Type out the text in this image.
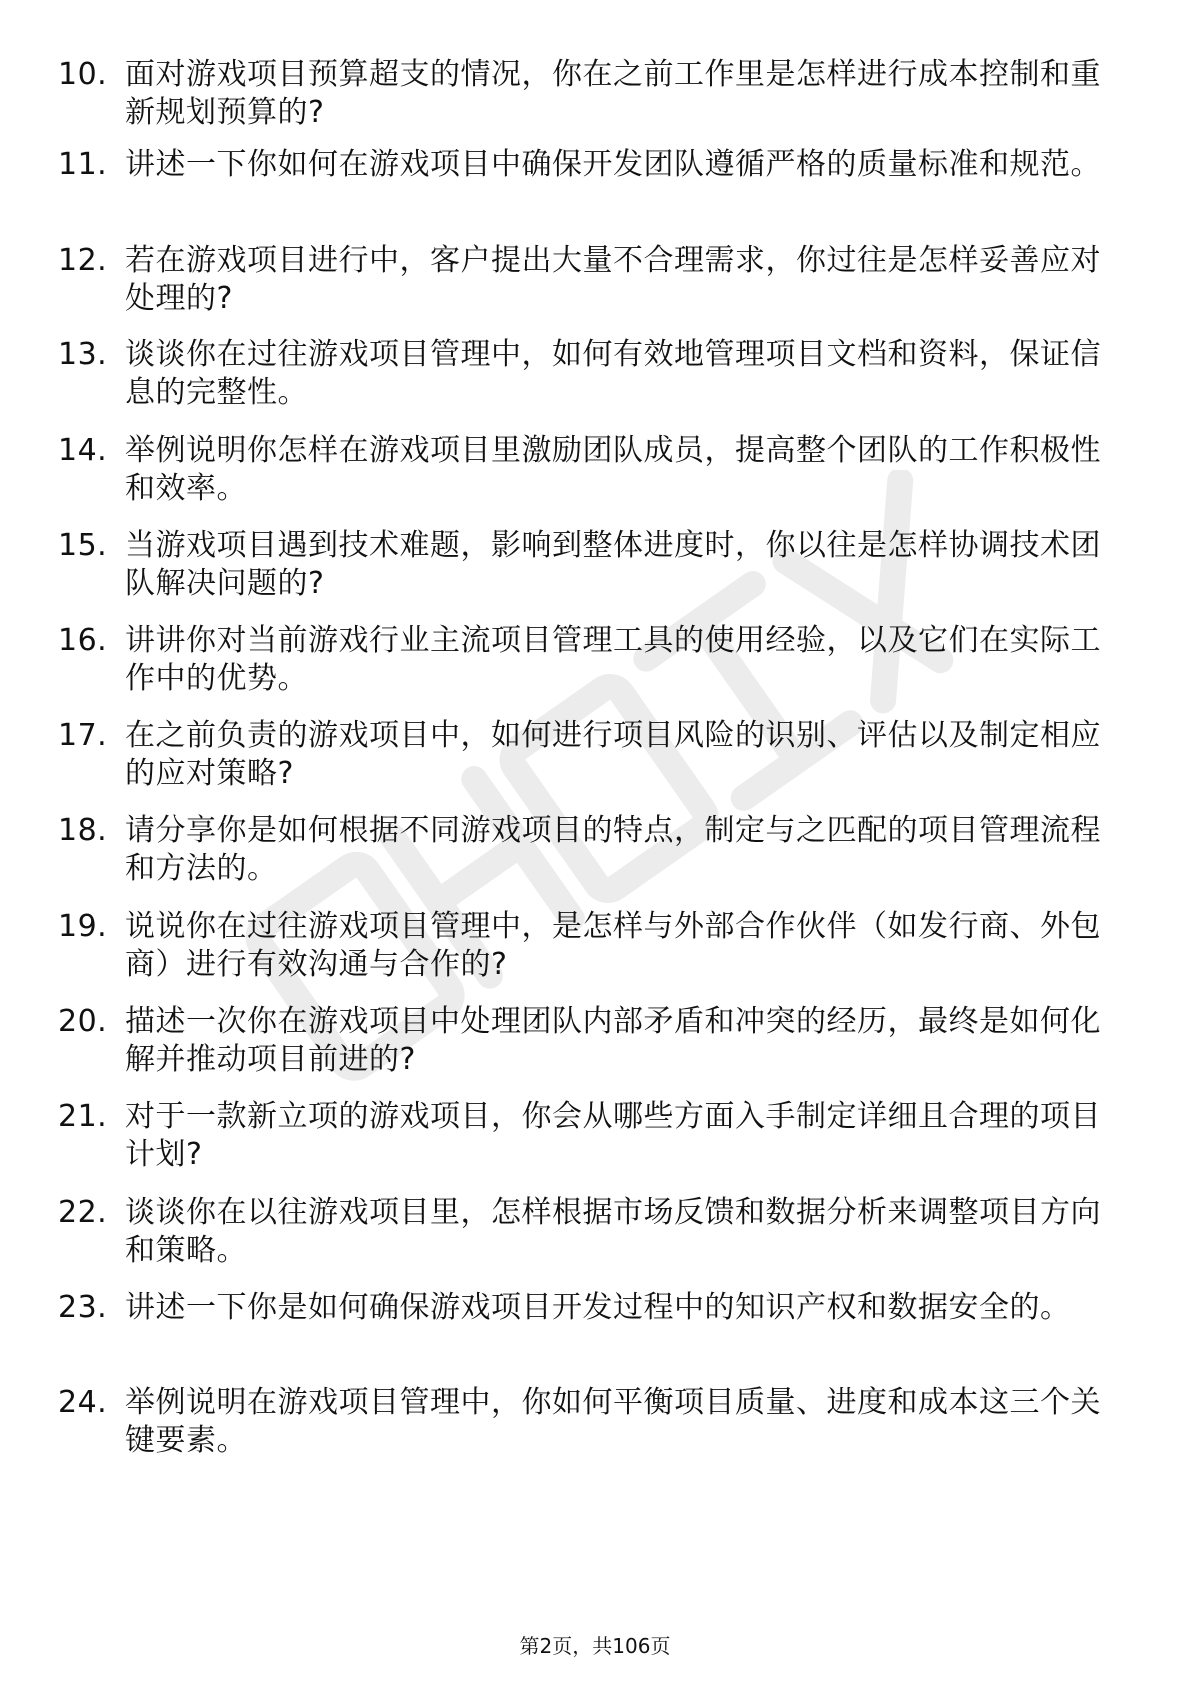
10. 面对游戏项目预算超支的情况，你在之前工作里是怎样进行成本控制和重新规划预算的?
11. 讲述一下你如何在游戏项目中确保开发团队遵循严格的质量标准和规范。
12. 若在游戏项目进行中，客户提出大量不合理需求，你过往是怎样妥善应对处理的?
13. 谈谈你在过往游戏项目管理中，如何有效地管理项目文档和资料，保证信息的完整性。
14. 举例说明你怎样在游戏项目里激励团队成员，提高整个团队的工作积极性和效率。
15. 当游戏项目遇到技术难题，影响到整体进度时，你以往是怎样协调技术团队解决问题的?
16. 讲讲你对当前游戏行业主流项目管理工具的使用经验，以及它们在实际工作中的优势。
17. 在之前负责的游戏项目中，如何进行项目风险的识别、评估以及制定相应的应对策略?
18. 请分享你是如何根据不同游戏项目的特点，制定与之匹配的项目管理流程和方法的。
19. 说说你在过往游戏项目管理中，是怎样与外部合作伙伴（如发行商、外包商）进行有效沟通与合作的?
20. 描述一次你在游戏项目中处理团队内部矛盾和冲突的经历，最终是如何化解并推动项目前进的?
21. 对于一款新立项的游戏项目，你会从哪些方面入手制定详细且合理的项目计划?
22. 谈谈你在以往游戏项目里，怎样根据市场反馈和数据分析来调整项目方向和策略。
23. 讲述一下你是如何确保游戏项目开发过程中的知识产权和数据安全的。
24. 举例说明在游戏项目管理中，你如何平衡项目质量、进度和成本这三个关键要素。
第2页，共106页
